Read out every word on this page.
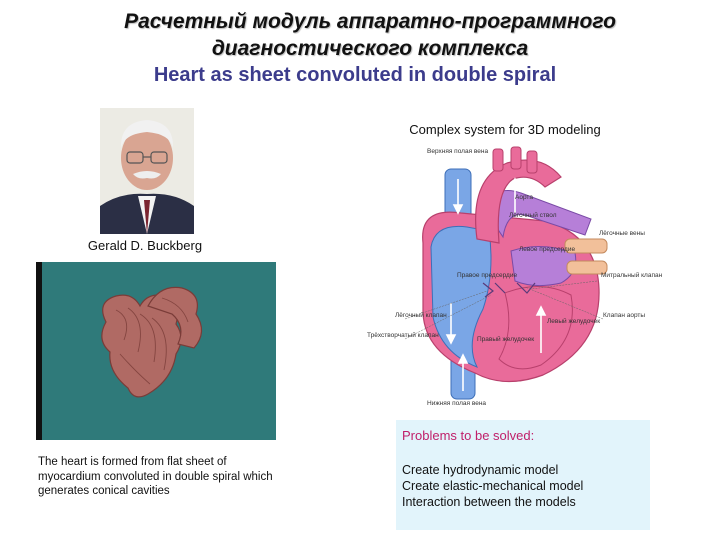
Расчетный модуль аппаратно-программного диагностического комплекса
Heart as sheet convoluted in double spiral
Gerald D. Buckberg
The heart is formed from flat sheet of myocardium convoluted in double spiral which generates conical cavities
Complex system for 3D modeling
Верхняя полая вена
Аорта
Лёгочный ствол
Лёгочные вены
Левое предсердие
Правое предсердие	Митральный клапан
Лёгочный клапан	Клапан аорты
Трёхстворчатый клапан
Левый желудочек
Правый желудочек
Нижняя полая вена
Problems to be solved:
Create hydrodynamic model
Create elastic-mechanical model
Interaction between the models
